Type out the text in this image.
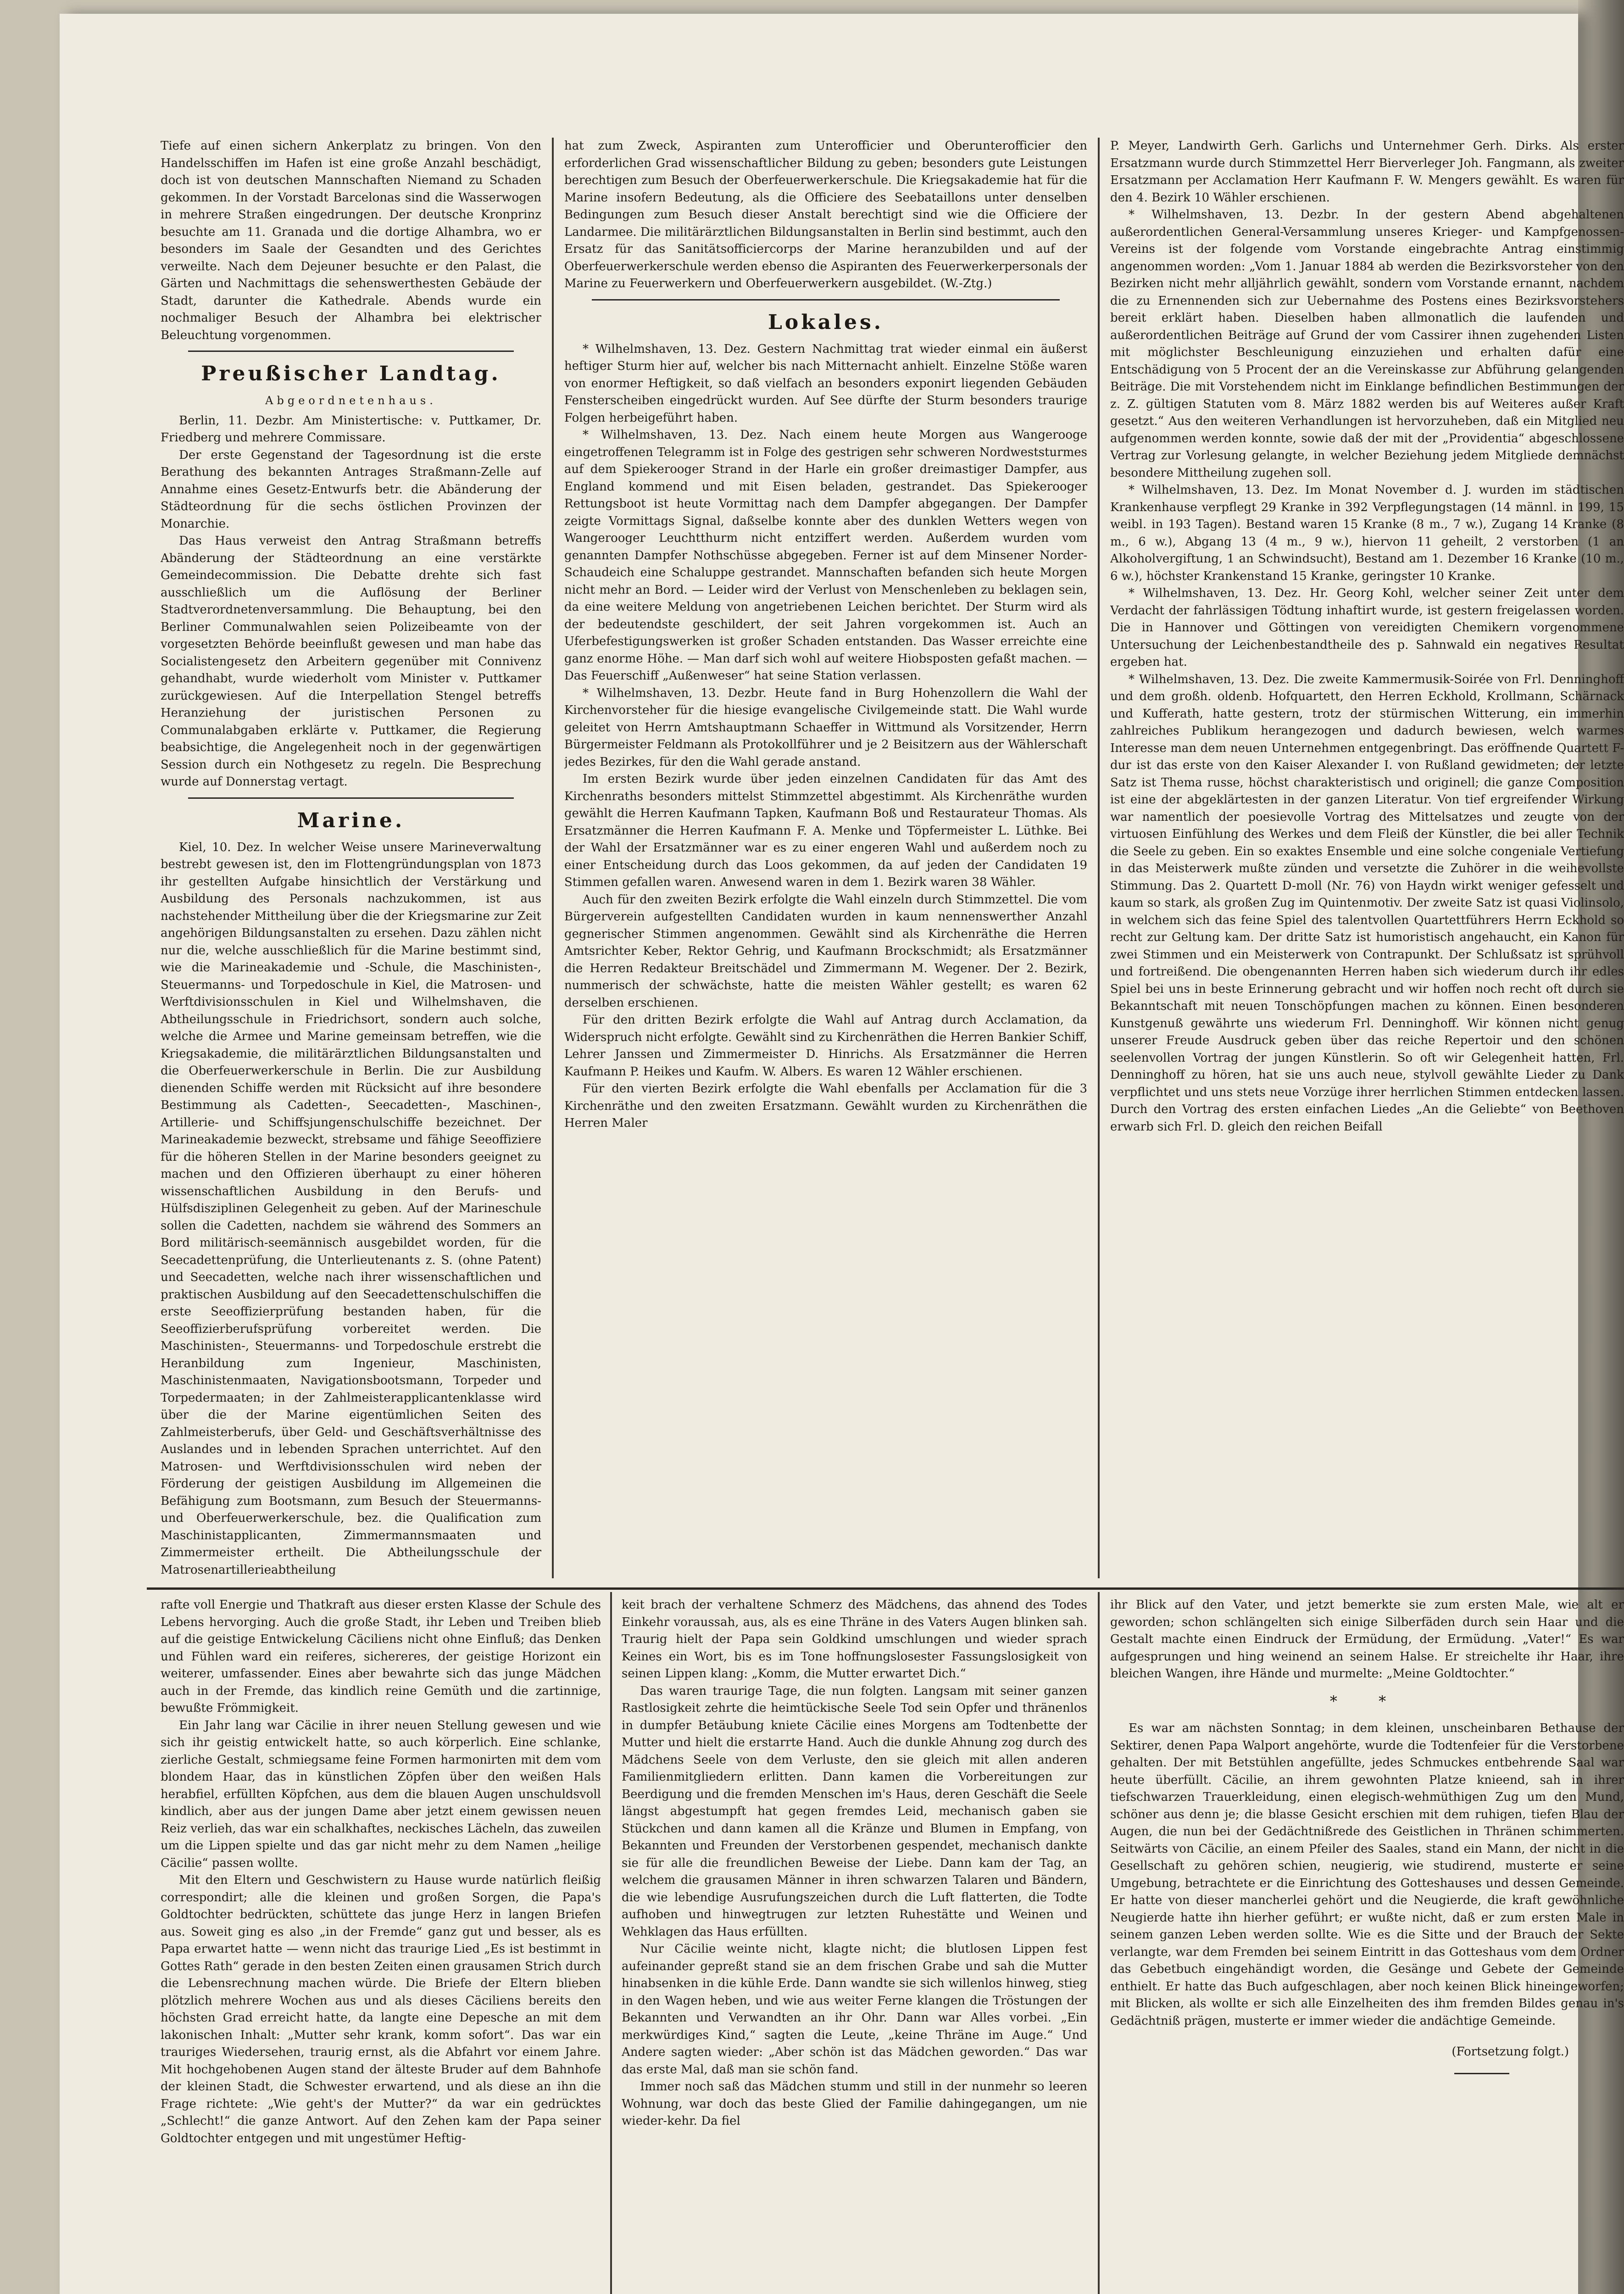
Tiefe auf einen sichern Ankerplatz zu bringen. Von den Handelsschiffen im Hafen ist eine große Anzahl beschädigt, doch ist von deutschen Mannschaften Niemand zu Schaden gekommen. In der Vorstadt Barcelonas sind die Wasserwogen in mehrere Straßen eingedrungen. Der deutsche Kronprinz besuchte am 11. Granada und die dortige Alhambra, wo er besonders im Saale der Gesandten und des Gerichtes verweilte. Nach dem Dejeuner besuchte er den Palast, die Gärten und Nachmittags die sehenswerthesten Gebäude der Stadt, darunter die Kathedrale. Abends wurde ein nochmaliger Besuch der Alhambra bei elektrischer Beleuchtung vorgenommen.

Preußischer Landtag.
Abgeordnetenhaus.

Berlin, 11. Dezbr. Am Ministertische: v. Puttkamer, Dr. Friedberg und mehrere Commissare.

Der erste Gegenstand der Tagesordnung ist die erste Berathung des bekannten Antrages Straßmann-Zelle auf Annahme eines Gesetz-Entwurfs betr. die Abänderung der Städteordnung für die sechs östlichen Provinzen der Monarchie.

Das Haus verweist den Antrag Straßmann betreffs Abänderung der Städteordnung an eine verstärkte Gemeindecommission. Die Debatte drehte sich fast ausschließlich um die Auflösung der Berliner Stadtverordnetenversammlung. Die Behauptung, bei den Berliner Communalwahlen seien Polizeibeamte von der vorgesetzten Behörde beeinflußt gewesen und man habe das Socialistengesetz den Arbeitern gegenüber mit Connivenz gehandhabt, wurde wiederholt vom Minister v. Puttkamer zurückgewiesen. Auf die Interpellation Stengel betreffs Heranziehung der juristischen Personen zu Communalabgaben erklärte v. Puttkamer, die Regierung beabsichtige, die Angelegenheit noch in der gegenwärtigen Session durch ein Nothgesetz zu regeln. Die Besprechung wurde auf Donnerstag vertagt.

Marine.

Kiel, 10. Dez. In welcher Weise unsere Marineverwaltung bestrebt gewesen ist, den im Flottengründungsplan von 1873 ihr gestellten Aufgabe hinsichtlich der Verstärkung und Ausbildung des Personals nachzukommen, ist aus nachstehender Mittheilung über die der Kriegsmarine zur Zeit angehörigen Bildungsanstalten zu ersehen. Dazu zählen nicht nur die, welche ausschließlich für die Marine bestimmt sind, wie die Marineakademie und -Schule, die Maschinisten-, Steuermanns- und Torpedoschule in Kiel, die Matrosen- und Werftdivisionsschulen in Kiel und Wilhelmshaven, die Abtheilungsschule in Friedrichsort, sondern auch solche, welche die Armee und Marine gemeinsam betreffen, wie die Kriegsakademie, die militärärztlichen Bildungsanstalten und die Oberfeuerwerkerschule in Berlin. Die zur Ausbildung dienenden Schiffe werden mit Rücksicht auf ihre besondere Bestimmung als Cadetten-, Seecadetten-, Maschinen-, Artillerie- und Schiffsjungenschulschiffe bezeichnet. Der Marineakademie bezweckt, strebsame und fähige Seeoffiziere für die höheren Stellen in der Marine besonders geeignet zu machen und den Offizieren überhaupt zu einer höheren wissenschaftlichen Ausbildung in den Berufs- und Hülfsdisziplinen Gelegenheit zu geben. Auf der Marineschule sollen die Cadetten, nachdem sie während des Sommers an Bord militärisch-seemännisch ausgebildet worden, für die Seecadettenprüfung, die Unterlieutenants z. S. (ohne Patent) und Seecadetten, welche nach ihrer wissenschaftlichen und praktischen Ausbildung auf den Seecadettenschulschiffen die erste Seeoffizierprüfung bestanden haben, für die Seeoffizierberufsprüfung vorbereitet werden. Die Maschinisten-, Steuermanns- und Torpedoschule erstrebt die Heranbildung zum Ingenieur, Maschinisten, Maschinistenmaaten, Navigationsbootsmann, Torpeder und Torpedermaaten; in der Zahlmeisterapplicantenklasse wird über die der Marine eigentümlichen Seiten des Zahlmeisterberufs, über Geld- und Geschäftsverhältnisse des Auslandes und in lebenden Sprachen unterrichtet. Auf den Matrosen- und Werftdivisionsschulen wird neben der Förderung der geistigen Ausbildung im Allgemeinen die Befähigung zum Bootsmann, zum Besuch der Steuermanns- und Oberfeuerwerkerschule, bez. die Qualification zum Maschinistapplicanten, Zimmermannsmaaten und Zimmermeister ertheilt. Die Abtheilungsschule der Matrosenartillerieabtheilung

hat zum Zweck, Aspiranten zum Unterofficier und Oberunterofficier den erforderlichen Grad wissenschaftlicher Bildung zu geben; besonders gute Leistungen berechtigen zum Besuch der Oberfeuerwerkerschule. Die Kriegsakademie hat für die Marine insofern Bedeutung, als die Officiere des Seebataillons unter denselben Bedingungen zum Besuch dieser Anstalt berechtigt sind wie die Officiere der Landarmee. Die militärärztlichen Bildungsanstalten in Berlin sind bestimmt, auch den Ersatz für das Sanitätsofficiercorps der Marine heranzubilden und auf der Oberfeuerwerkerschule werden ebenso die Aspiranten des Feuerwerkerpersonals der Marine zu Feuerwerkern und Oberfeuerwerkern ausgebildet. (W.-Ztg.)

Lokales.

* Wilhelmshaven, 13. Dez. Gestern Nachmittag trat wieder einmal ein äußerst heftiger Sturm hier auf, welcher bis nach Mitternacht anhielt. Einzelne Stöße waren von enormer Heftigkeit, so daß vielfach an besonders exponirt liegenden Gebäuden Fensterscheiben eingedrückt wurden. Auf See dürfte der Sturm besonders traurige Folgen herbeigeführt haben.

* Wilhelmshaven, 13. Dez. Nach einem heute Morgen aus Wangerooge eingetroffenen Telegramm ist in Folge des gestrigen sehr schweren Nordweststurmes auf dem Spiekerooger Strand in der Harle ein großer dreimastiger Dampfer, aus England kommend und mit Eisen beladen, gestrandet. Das Spiekerooger Rettungsboot ist heute Vormittag nach dem Dampfer abgegangen. Der Dampfer zeigte Vormittags Signal, daßselbe konnte aber des dunklen Wetters wegen von Wangerooger Leuchtthurm nicht entziffert werden. Außerdem wurden vom genannten Dampfer Nothschüsse abgegeben. Ferner ist auf dem Minsener Norder-Schaudeich eine Schaluppe gestrandet. Mannschaften befanden sich heute Morgen nicht mehr an Bord. — Leider wird der Verlust von Menschenleben zu beklagen sein, da eine weitere Meldung von angetriebenen Leichen berichtet. Der Sturm wird als der bedeutendste geschildert, der seit Jahren vorgekommen ist. Auch an Uferbefestigungswerken ist großer Schaden entstanden. Das Wasser erreichte eine ganz enorme Höhe. — Man darf sich wohl auf weitere Hiobsposten gefaßt machen. — Das Feuerschiff „Außenweser“ hat seine Station verlassen.

* Wilhelmshaven, 13. Dezbr. Heute fand in Burg Hohenzollern die Wahl der Kirchenvorsteher für die hiesige evangelische Civilgemeinde statt. Die Wahl wurde geleitet von Herrn Amtshauptmann Schaeffer in Wittmund als Vorsitzender, Herrn Bürgermeister Feldmann als Protokollführer und je 2 Beisitzern aus der Wählerschaft jedes Bezirkes, für den die Wahl gerade anstand.

Im ersten Bezirk wurde über jeden einzelnen Candidaten für das Amt des Kirchenraths besonders mittelst Stimmzettel abgestimmt. Als Kirchenräthe wurden gewählt die Herren Kaufmann Tapken, Kaufmann Boß und Restaurateur Thomas. Als Ersatzmänner die Herren Kaufmann F. A. Menke und Töpfermeister L. Lüthke. Bei der Wahl der Ersatzmänner war es zu einer engeren Wahl und außerdem noch zu einer Entscheidung durch das Loos gekommen, da auf jeden der Candidaten 19 Stimmen gefallen waren. Anwesend waren in dem 1. Bezirk waren 38 Wähler.

Auch für den zweiten Bezirk erfolgte die Wahl einzeln durch Stimmzettel. Die vom Bürgerverein aufgestellten Candidaten wurden in kaum nennenswerther Anzahl gegnerischer Stimmen angenommen. Gewählt sind als Kirchenräthe die Herren Amtsrichter Keber, Rektor Gehrig, und Kaufmann Brockschmidt; als Ersatzmänner die Herren Redakteur Breitschädel und Zimmermann M. Wegener. Der 2. Bezirk, nummerisch der schwächste, hatte die meisten Wähler gestellt; es waren 62 derselben erschienen.

Für den dritten Bezirk erfolgte die Wahl auf Antrag durch Acclamation, da Widerspruch nicht erfolgte. Gewählt sind zu Kirchenräthen die Herren Bankier Schiff, Lehrer Janssen und Zimmermeister D. Hinrichs. Als Ersatzmänner die Herren Kaufmann P. Heikes und Kaufm. W. Albers. Es waren 12 Wähler erschienen.

Für den vierten Bezirk erfolgte die Wahl ebenfalls per Acclamation für die 3 Kirchenräthe und den zweiten Ersatzmann. Gewählt wurden zu Kirchenräthen die Herren Maler

P. Meyer, Landwirth Gerh. Garlichs und Unternehmer Gerh. Dirks. Als erster Ersatzmann wurde durch Stimmzettel Herr Bierverleger Joh. Fangmann, als zweiter Ersatzmann per Acclamation Herr Kaufmann F. W. Mengers gewählt. Es waren für den 4. Bezirk 10 Wähler erschienen.

* Wilhelmshaven, 13. Dezbr. In der gestern Abend abgehaltenen außerordentlichen General-Versammlung unseres Krieger- und Kampfgenossen-Vereins ist der folgende vom Vorstande eingebrachte Antrag einstimmig angenommen worden: „Vom 1. Januar 1884 ab werden die Bezirksvorsteher von den Bezirken nicht mehr alljährlich gewählt, sondern vom Vorstande ernannt, nachdem die zu Ernennenden sich zur Uebernahme des Postens eines Bezirksvorstehers bereit erklärt haben. Dieselben haben allmonatlich die laufenden und außerordentlichen Beiträge auf Grund der vom Cassirer ihnen zugehenden Listen mit möglichster Beschleunigung einzuziehen und erhalten dafür eine Entschädigung von 5 Procent der an die Vereinskasse zur Abführung gelangenden Beiträge. Die mit Vorstehendem nicht im Einklange befindlichen Bestimmungen der z. Z. gültigen Statuten vom 8. März 1882 werden bis auf Weiteres außer Kraft gesetzt.“ Aus den weiteren Verhandlungen ist hervorzuheben, daß ein Mitglied neu aufgenommen werden konnte, sowie daß der mit der „Providentia“ abgeschlossene Vertrag zur Vorlesung gelangte, in welcher Beziehung jedem Mitgliede demnächst besondere Mittheilung zugehen soll.

* Wilhelmshaven, 13. Dez. Im Monat November d. J. wurden im städtischen Krankenhause verpflegt 29 Kranke in 392 Verpflegungstagen (14 männl. in 199, 15 weibl. in 193 Tagen). Bestand waren 15 Kranke (8 m., 7 w.), Zugang 14 Kranke (8 m., 6 w.), Abgang 13 (4 m., 9 w.), hiervon 11 geheilt, 2 verstorben (1 an Alkoholvergiftung, 1 an Schwindsucht), Bestand am 1. Dezember 16 Kranke (10 m., 6 w.), höchster Krankenstand 15 Kranke, geringster 10 Kranke.

* Wilhelmshaven, 13. Dez. Hr. Georg Kohl, welcher seiner Zeit unter dem Verdacht der fahrlässigen Tödtung inhaftirt wurde, ist gestern freigelassen worden. Die in Hannover und Göttingen von vereidigten Chemikern vorgenommene Untersuchung der Leichenbestandtheile des p. Sahnwald ein negatives Resultat ergeben hat.

* Wilhelmshaven, 13. Dez. Die zweite Kammermusik-Soirée von Frl. Denninghoff und dem großh. oldenb. Hofquartett, den Herren Eckhold, Krollmann, Schärnack und Kufferath, hatte gestern, trotz der stürmischen Witterung, ein immerhin zahlreiches Publikum herangezogen und dadurch bewiesen, welch warmes Interesse man dem neuen Unternehmen entgegenbringt. Das eröffnende Quartett F-dur ist das erste von den Kaiser Alexander I. von Rußland gewidmeten; der letzte Satz ist Thema russe, höchst charakteristisch und originell; die ganze Composition ist eine der abgeklärtesten in der ganzen Literatur. Von tief ergreifender Wirkung war namentlich der poesievolle Vortrag des Mittelsatzes und zeugte von der virtuosen Einfühlung des Werkes und dem Fleiß der Künstler, die bei aller Technik die Seele zu geben. Ein so exaktes Ensemble und eine solche congeniale Vertiefung in das Meisterwerk mußte zünden und versetzte die Zuhörer in die weihevollste Stimmung. Das 2. Quartett D-moll (Nr. 76) von Haydn wirkt weniger gefesselt und kaum so stark, als großen Zug im Quintenmotiv. Der zweite Satz ist quasi Violinsolo, in welchem sich das feine Spiel des talentvollen Quartettführers Herrn Eckhold so recht zur Geltung kam. Der dritte Satz ist humoristisch angehaucht, ein Kanon für zwei Stimmen und ein Meisterwerk von Contrapunkt. Der Schlußsatz ist sprühvoll und fortreißend. Die obengenannten Herren haben sich wiederum durch ihr edles Spiel bei uns in beste Erinnerung gebracht und wir hoffen noch recht oft durch sie Bekanntschaft mit neuen Tonschöpfungen machen zu können. Einen besonderen Kunstgenuß gewährte uns wiederum Frl. Denninghoff. Wir können nicht genug unserer Freude Ausdruck geben über das reiche Repertoir und den schönen seelenvollen Vortrag der jungen Künstlerin. So oft wir Gelegenheit hatten, Frl. Denninghoff zu hören, hat sie uns auch neue, stylvoll gewählte Lieder zu Dank verpflichtet und uns stets neue Vorzüge ihrer herrlichen Stimmen entdecken lassen. Durch den Vortrag des ersten einfachen Liedes „An die Geliebte“ von Beethoven erwarb sich Frl. D. gleich den reichen Beifall

rafte voll Energie und Thatkraft aus dieser ersten Klasse der Schule des Lebens hervorging. Auch die große Stadt, ihr Leben und Treiben blieb auf die geistige Entwickelung Cäciliens nicht ohne Einfluß; das Denken und Fühlen ward ein reiferes, sichereres, der geistige Horizont ein weiterer, umfassender. Eines aber bewahrte sich das junge Mädchen auch in der Fremde, das kindlich reine Gemüth und die zartinnige, bewußte Frömmigkeit.

Ein Jahr lang war Cäcilie in ihrer neuen Stellung gewesen und wie sich ihr geistig entwickelt hatte, so auch körperlich. Eine schlanke, zierliche Gestalt, schmiegsame feine Formen harmonirten mit dem vom blondem Haar, das in künstlichen Zöpfen über den weißen Hals herabfiel, erfüllten Köpfchen, aus dem die blauen Augen unschuldsvoll kindlich, aber aus der jungen Dame aber jetzt einem gewissen neuen Reiz verlieh, das war ein schalkhaftes, neckisches Lächeln, das zuweilen um die Lippen spielte und das gar nicht mehr zu dem Namen „heilige Cäcilie“ passen wollte.

Mit den Eltern und Geschwistern zu Hause wurde natürlich fleißig correspondirt; alle die kleinen und großen Sorgen, die Papa's Goldtochter bedrückten, schüttete das junge Herz in langen Briefen aus. Soweit ging es also „in der Fremde“ ganz gut und besser, als es Papa erwartet hatte — wenn nicht das traurige Lied „Es ist bestimmt in Gottes Rath“ gerade in den besten Zeiten einen grausamen Strich durch die Lebensrechnung machen würde. Die Briefe der Eltern blieben plötzlich mehrere Wochen aus und als dieses Cäciliens bereits den höchsten Grad erreicht hatte, da langte eine Depesche an mit dem lakonischen Inhalt: „Mutter sehr krank, komm sofort“. Das war ein trauriges Wiedersehen, traurig ernst, als die Abfahrt vor einem Jahre. Mit hochgehobenen Augen stand der älteste Bruder auf dem Bahnhofe der kleinen Stadt, die Schwester erwartend, und als diese an ihn die Frage richtete: „Wie geht's der Mutter?“ da war ein gedrücktes „Schlecht!“ die ganze Antwort. Auf den Zehen kam der Papa seiner Goldtochter entgegen und mit ungestümer Heftig-

keit brach der verhaltene Schmerz des Mädchens, das ahnend des Todes Einkehr voraussah, aus, als es eine Thräne in des Vaters Augen blinken sah. Traurig hielt der Papa sein Goldkind umschlungen und wieder sprach Keines ein Wort, bis es im Tone hoffnungslosester Fassungslosigkeit von seinen Lippen klang: „Komm, die Mutter erwartet Dich.“

Das waren traurige Tage, die nun folgten. Langsam mit seiner ganzen Rastlosigkeit zehrte die heimtückische Seele Tod sein Opfer und thränenlos in dumpfer Betäubung kniete Cäcilie eines Morgens am Todtenbette der Mutter und hielt die erstarrte Hand. Auch die dunkle Ahnung zog durch des Mädchens Seele von dem Verluste, den sie gleich mit allen anderen Familienmitgliedern erlitten. Dann kamen die Vorbereitungen zur Beerdigung und die fremden Menschen im's Haus, deren Geschäft die Seele längst abgestumpft hat gegen fremdes Leid, mechanisch gaben sie Stückchen und dann kamen all die Kränze und Blumen in Empfang, von Bekannten und Freunden der Verstorbenen gespendet, mechanisch dankte sie für alle die freundlichen Beweise der Liebe. Dann kam der Tag, an welchem die grausamen Männer in ihren schwarzen Talaren und Bändern, die wie lebendige Ausrufungszeichen durch die Luft flatterten, die Todte aufhoben und hinwegtrugen zur letzten Ruhestätte und Weinen und Wehklagen das Haus erfüllten.

Nur Cäcilie weinte nicht, klagte nicht; die blutlosen Lippen fest aufeinander gepreßt stand sie an dem frischen Grabe und sah die Mutter hinabsenken in die kühle Erde. Dann wandte sie sich willenlos hinweg, stieg in den Wagen heben, und wie aus weiter Ferne klangen die Tröstungen der Bekannten und Verwandten an ihr Ohr. Dann war Alles vorbei. „Ein merkwürdiges Kind,“ sagten die Leute, „keine Thräne im Auge.“ Und Andere sagten wieder: „Aber schön ist das Mädchen geworden.“ Das war das erste Mal, daß man sie schön fand.

Immer noch saß das Mädchen stumm und still in der nunmehr so leeren Wohnung, war doch das beste Glied der Familie dahingegangen, um nie wieder-kehr. Da fiel

ihr Blick auf den Vater, und jetzt bemerkte sie zum ersten Male, wie alt er geworden; schon schlängelten sich einige Silberfäden durch sein Haar und die Gestalt machte einen Eindruck der Ermüdung, der Ermüdung. „Vater!“ Es war aufgesprungen und hing weinend an seinem Halse. Er streichelte ihr Haar, ihre bleichen Wangen, ihre Hände und murmelte: „Meine Goldtochter.“

* *

Es war am nächsten Sonntag; in dem kleinen, unscheinbaren Bethause der Sektirer, denen Papa Walport angehörte, wurde die Todtenfeier für die Verstorbene gehalten. Der mit Betstühlen angefüllte, jedes Schmuckes entbehrende Saal war heute überfüllt. Cäcilie, an ihrem gewohnten Platze knieend, sah in ihrer tiefschwarzen Trauerkleidung, einen elegisch-wehmüthigen Zug um den Mund, schöner aus denn je; die blasse Gesicht erschien mit dem ruhigen, tiefen Blau der Augen, die nun bei der Gedächtnißrede des Geistlichen in Thränen schimmerten. Seitwärts von Cäcilie, an einem Pfeiler des Saales, stand ein Mann, der nicht in die Gesellschaft zu gehören schien, neugierig, wie studirend, musterte er seine Umgebung, betrachtete er die Einrichtung des Gotteshauses und dessen Gemeinde. Er hatte von dieser mancherlei gehört und die Neugierde, die kraft gewöhnliche Neugierde hatte ihn hierher geführt; er wußte nicht, daß er zum ersten Male in seinem ganzen Leben werden sollte. Wie es die Sitte und der Brauch der Sekte verlangte, war dem Fremden bei seinem Eintritt in das Gotteshaus vom dem Ordner das Gebetbuch eingehändigt worden, die Gesänge und Gebete der Gemeinde enthielt. Er hatte das Buch aufgeschlagen, aber noch keinen Blick hineingeworfen; mit Blicken, als wollte er sich alle Einzelheiten des ihm fremden Bildes genau in's Gedächtniß prägen, musterte er immer wieder die andächtige Gemeinde.

(Fortsetzung folgt.)
